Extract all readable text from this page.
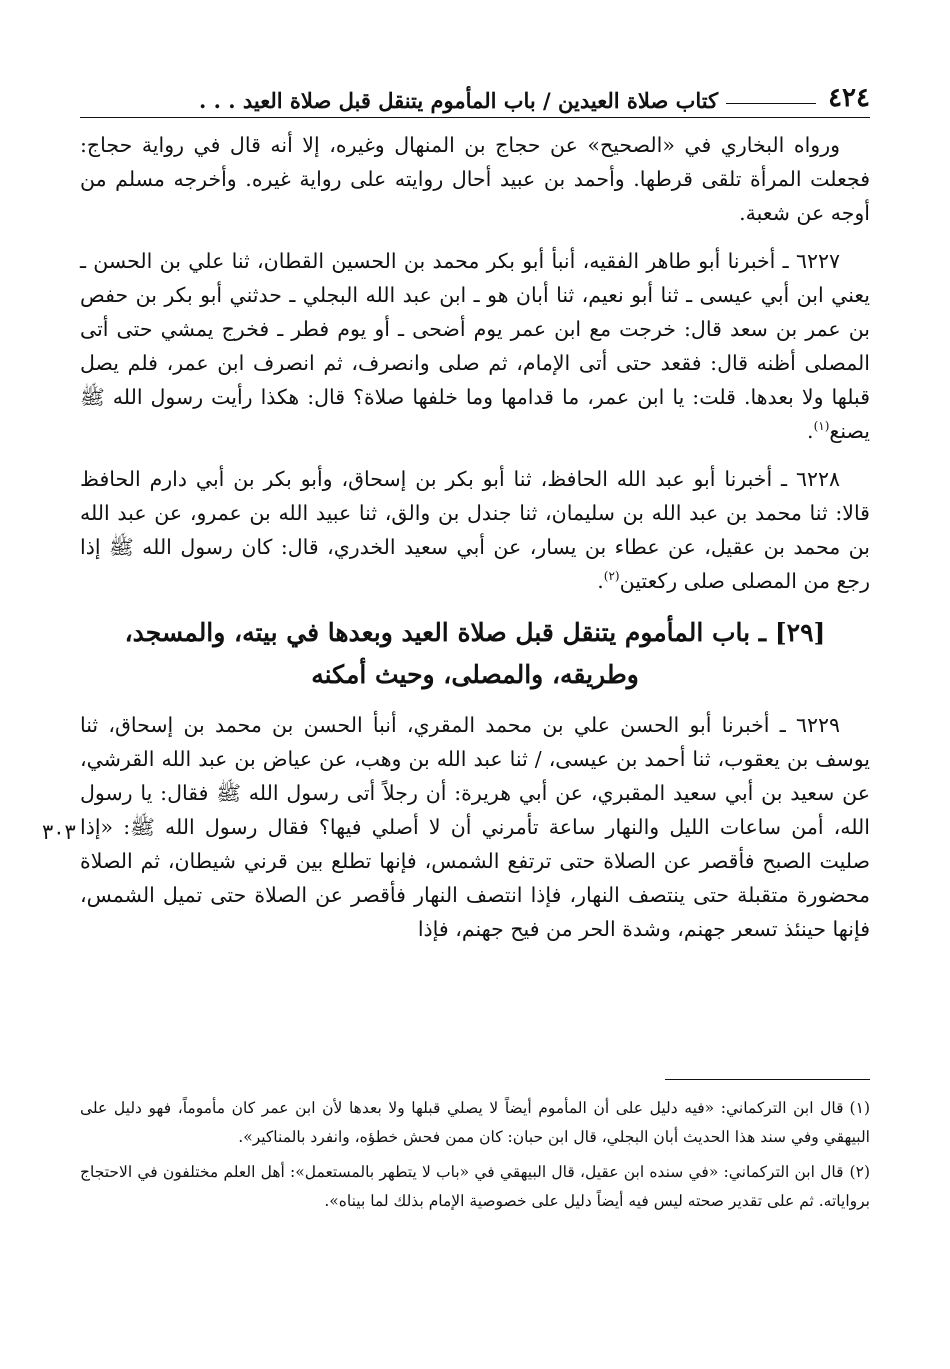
٤٢٤
كتاب صلاة العيدين / باب المأموم يتنقل قبل صلاة العيد . . .
٣٠٣

ورواه البخاري في «الصحيح» عن حجاج بن المنهال وغيره، إلا أنه قال في رواية حجاج: فجعلت المرأة تلقى قرطها. وأحمد بن عبيد أحال روايته على رواية غيره. وأخرجه مسلم من أوجه عن شعبة.

٦٢٢٧ ـ أخبرنا أبو طاهر الفقيه، أنبأ أبو بكر محمد بن الحسين القطان، ثنا علي بن الحسن ـ يعني ابن أبي عيسى ـ ثنا أبو نعيم، ثنا أبان هو ـ ابن عبد الله البجلي ـ حدثني أبو بكر بن حفص بن عمر بن سعد قال: خرجت مع ابن عمر يوم أضحى ـ أو يوم فطر ـ فخرج يمشي حتى أتى المصلى أظنه قال: فقعد حتى أتى الإمام، ثم صلى وانصرف، ثم انصرف ابن عمر، فلم يصل قبلها ولا بعدها. قلت: يا ابن عمر، ما قدامها وما خلفها صلاة؟ قال: هكذا رأيت رسول الله ﷺ يصنع$^{(١)}$.

٦٢٢٨ ـ أخبرنا أبو عبد الله الحافظ، ثنا أبو بكر بن إسحاق، وأبو بكر بن أبي دارم الحافظ قالا: ثنا محمد بن عبد الله بن سليمان، ثنا جندل بن والق، ثنا عبيد الله بن عمرو، عن عبد الله بن محمد بن عقيل، عن عطاء بن يسار، عن أبي سعيد الخدري، قال: كان رسول الله ﷺ إذا رجع من المصلى صلى ركعتين$^{(٢)}$.

[٢٩] ـ باب المأموم يتنقل قبل صلاة العيد وبعدها في بيته، والمسجد، وطريقه، والمصلى، وحيث أمكنه

٦٢٢٩ ـ أخبرنا أبو الحسن علي بن محمد المقري، أنبأ الحسن بن محمد بن إسحاق، ثنا يوسف بن يعقوب، ثنا أحمد بن عيسى، / ثنا عبد الله بن وهب، عن عياض بن عبد الله القرشي، عن سعيد بن أبي سعيد المقبري، عن أبي هريرة: أن رجلاً أتى رسول الله ﷺ فقال: يا رسول الله، أمن ساعات الليل والنهار ساعة تأمرني أن لا أصلي فيها؟ فقال رسول الله ﷺ: «إذا صليت الصبح فأقصر عن الصلاة حتى ترتفع الشمس، فإنها تطلع بين قرني شيطان، ثم الصلاة محضورة متقبلة حتى ينتصف النهار، فإذا انتصف النهار فأقصر عن الصلاة حتى تميل الشمس، فإنها حينئذ تسعر جهنم، وشدة الحر من فيح جهنم، فإذا

(١)قال ابن التركماني: «فيه دليل على أن المأموم أيضاً لا يصلي قبلها ولا بعدها لأن ابن عمر كان مأموماً، فهو دليل على البيهقي وفي سند هذا الحديث أبان البجلي، قال ابن حبان: كان ممن فحش خطؤه، وانفرد بالمناكير».

(٢)قال ابن التركماني: «في سنده ابن عقيل، قال البيهقي في «باب لا يتطهر بالمستعمل»: أهل العلم مختلفون في الاحتجاج برواياته. ثم على تقدير صحته ليس فيه أيضاً دليل على خصوصية الإمام بذلك لما بيناه».
